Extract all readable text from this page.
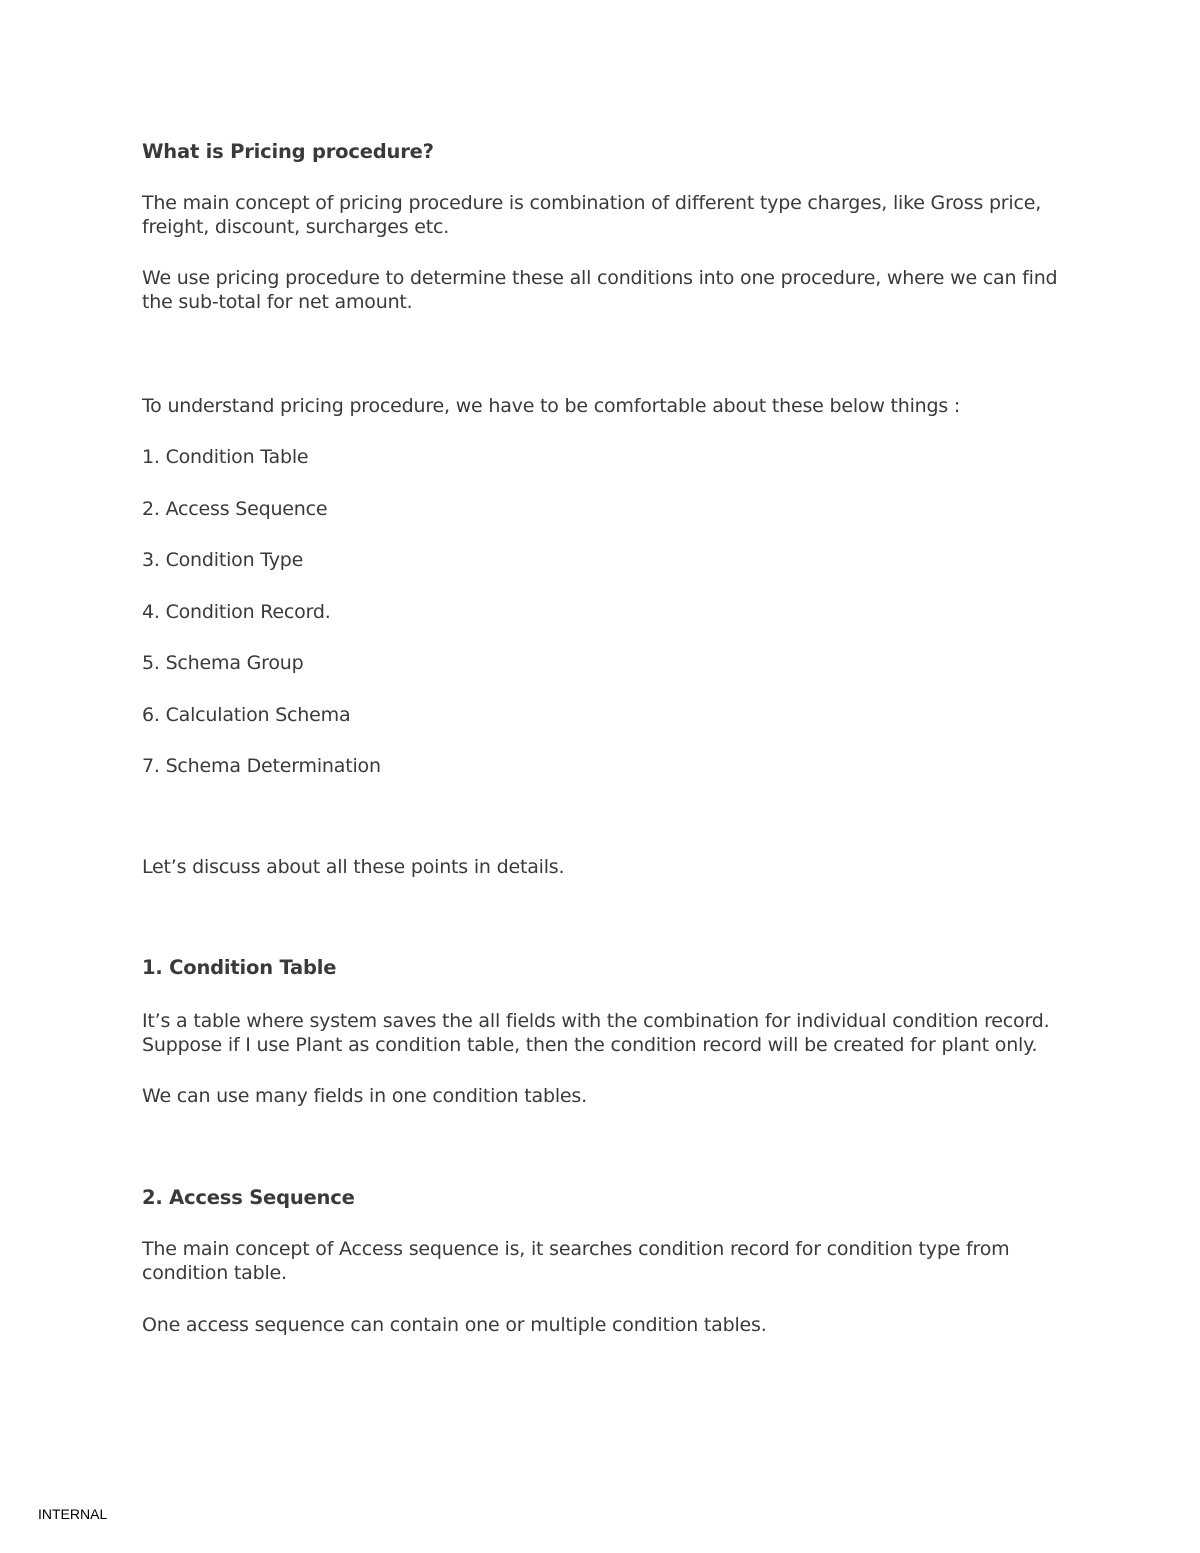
What is Pricing procedure?

The main concept of pricing procedure is combination of different type charges, like Gross price, freight, discount, surcharges etc.

We use pricing procedure to determine these all conditions into one procedure, where we can find the sub-total for net amount.

To understand pricing procedure, we have to be comfortable about these below things :

1. Condition Table
2. Access Sequence
3. Condition Type
4. Condition Record.
5. Schema Group
6. Calculation Schema
7. Schema Determination

Let’s discuss about all these points in details.

1. Condition Table

It’s a table where system saves the all fields with the combination for individual condition record. Suppose if I use Plant as condition table, then the condition record will be created for plant only.

We can use many fields in one condition tables.

2. Access Sequence

The main concept of Access sequence is, it searches condition record for condition type from condition table.

One access sequence can contain one or multiple condition tables.

INTERNAL
